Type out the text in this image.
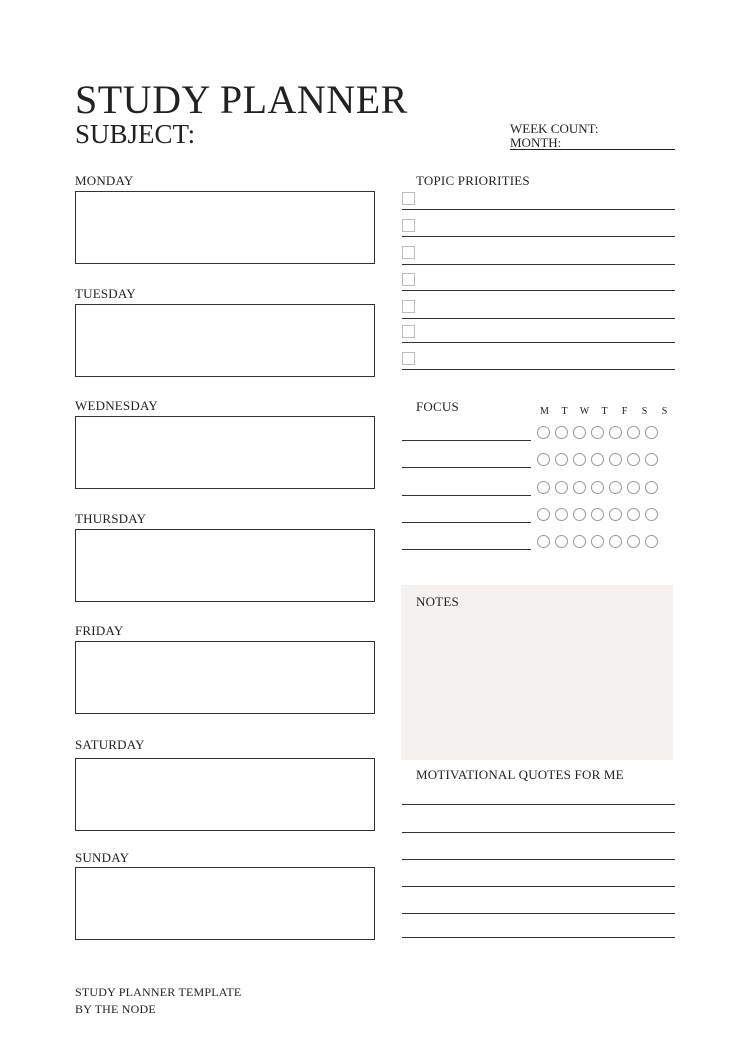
STUDY PLANNER
SUBJECT:	WEEK COUNT:
MONTH:
MONDAY
TUESDAY
WEDNESDAY
THURSDAY
FRIDAY
SATURDAY
SUNDAY
TOPIC PRIORITIES
FOCUS	M	T	W	T	F	S	S
NOTES
MOTIVATIONAL QUOTES FOR ME
STUDY PLANNER TEMPLATE
BY THE NODE
